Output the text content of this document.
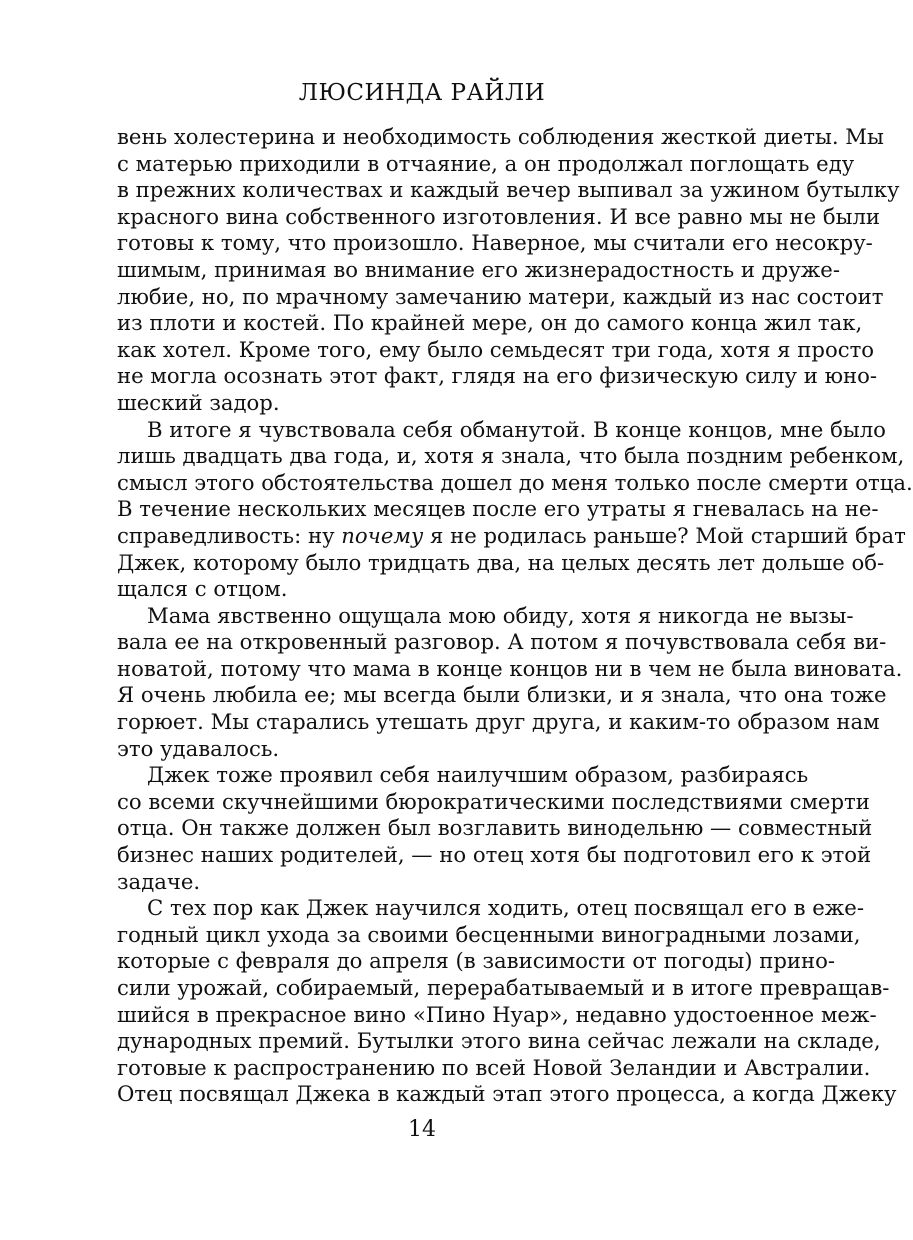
ЛЮСИНДА РАЙЛИ

вень холестерина и необходимость соблюдения жесткой диеты. Мы
с матерью приходили в отчаяние, а он продолжал поглощать еду
в прежних количествах и каждый вечер выпивал за ужином бутылку
красного вина собственного изготовления. И все равно мы не были
готовы к тому, что произошло. Наверное, мы считали его несокру-
шимым, принимая во внимание его жизнерадостность и друже-
любие, но, по мрачному замечанию матери, каждый из нас состоит
из плоти и костей. По крайней мере, он до самого конца жил так,
как хотел. Кроме того, ему было семьдесят три года, хотя я просто
не могла осознать этот факт, глядя на его физическую силу и юно-
шеский задор.

В итоге я чувствовала себя обманутой. В конце концов, мне было
лишь двадцать два года, и, хотя я знала, что была поздним ребенком,
смысл этого обстоятельства дошел до меня только после смерти отца.
В течение нескольких месяцев после его утраты я гневалась на не-
справедливость: ну почему я не родилась раньше? Мой старший брат
Джек, которому было тридцать два, на целых десять лет дольше об-
щался с отцом.

Мама явственно ощущала мою обиду, хотя я никогда не вызы-
вала ее на откровенный разговор. А потом я почувствовала себя ви-
новатой, потому что мама в конце концов ни в чем не была виновата.
Я очень любила ее; мы всегда были близки, и я знала, что она тоже
горюет. Мы старались утешать друг друга, и каким-то образом нам
это удавалось.

Джек тоже проявил себя наилучшим образом, разбираясь
со всеми скучнейшими бюрократическими последствиями смерти
отца. Он также должен был возглавить винодельню — совместный
бизнес наших родителей, — но отец хотя бы подготовил его к этой
задаче.

С тех пор как Джек научился ходить, отец посвящал его в еже-
годный цикл ухода за своими бесценными виноградными лозами,
которые с февраля до апреля (в зависимости от погоды) прино-
сили урожай, собираемый, перерабатываемый и в итоге превращав-
шийся в прекрасное вино «Пино Нуар», недавно удостоенное меж-
дународных премий. Бутылки этого вина сейчас лежали на складе,
готовые к распространению по всей Новой Зеландии и Австралии.
Отец посвящал Джека в каждый этап этого процесса, а когда Джеку

14
